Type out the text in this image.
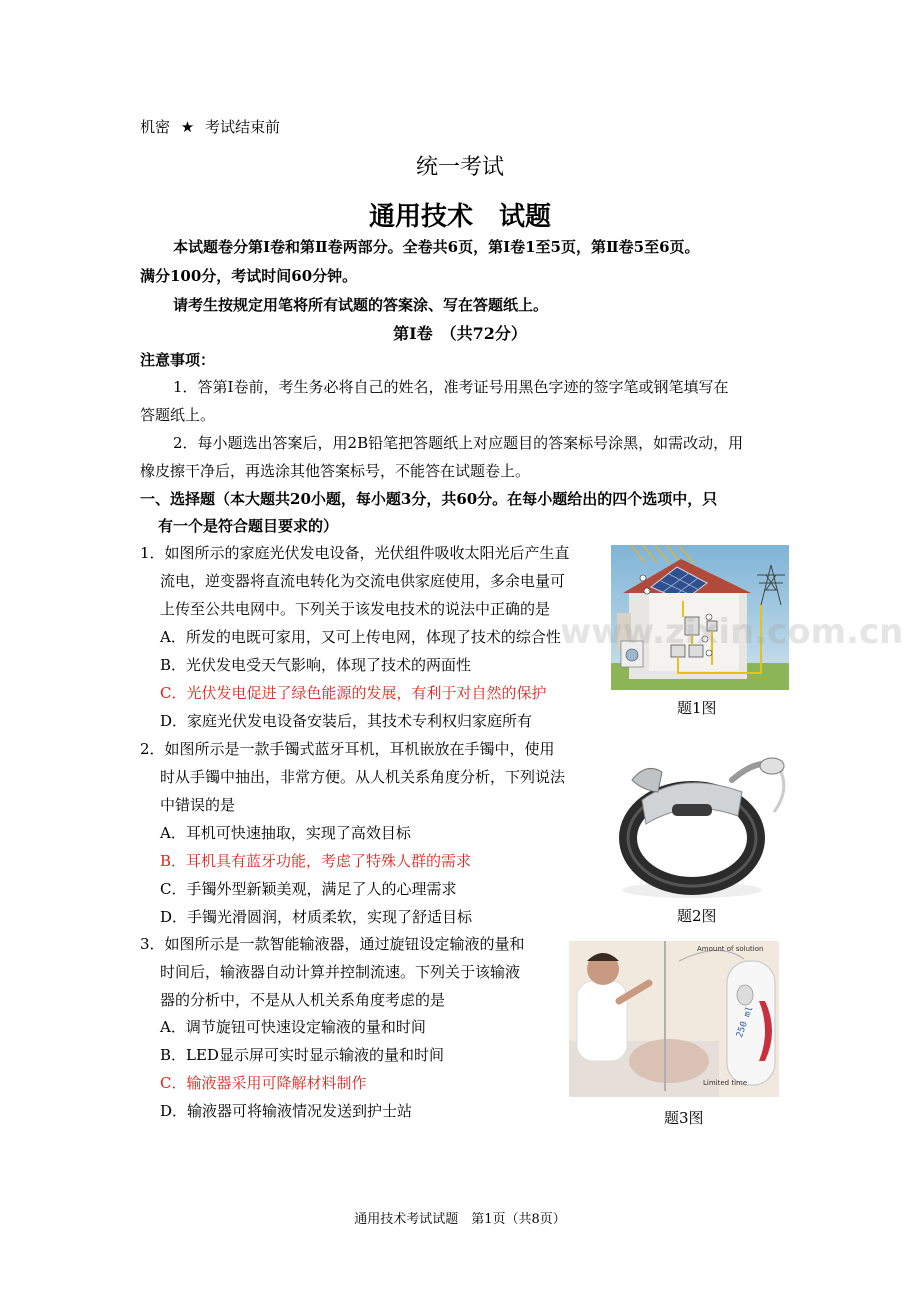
机密 ★ 考试结束前
统一考试
通用技术　试题
本试题卷分第Ⅰ卷和第Ⅱ卷两部分。全卷共6页，第Ⅰ卷1至5页，第Ⅱ卷5至6页。
满分100分，考试时间60分钟。
请考生按规定用笔将所有试题的答案涂、写在答题纸上。
第Ⅰ卷　（共72分）
注意事项：
1．答第Ⅰ卷前，考生务必将自己的姓名，准考证号用黑色字迹的签字笔或钢笔填写在
答题纸上。
2．每小题选出答案后，用2B铅笔把答题纸上对应题目的答案标号涂黑，如需改动，用
橡皮擦干净后，再选涂其他答案标号，不能答在试题卷上。
一、选择题（本大题共20小题，每小题3分，共60分。在每小题给出的四个选项中，只
有一个是符合题目要求的）
1．如图所示的家庭光伏发电设备，光伏组件吸收太阳光后产生直
流电，逆变器将直流电转化为交流电供家庭使用，多余电量可
上传至公共电网中。下列关于该发电技术的说法中正确的是
A．所发的电既可家用，又可上传电网，体现了技术的综合性
B．光伏发电受天气影响，体现了技术的两面性
C．光伏发电促进了绿色能源的发展，有利于对自然的保护
D．家庭光伏发电设备安装后，其技术专利权归家庭所有
题1图
2．如图所示是一款手镯式蓝牙耳机，耳机嵌放在手镯中，使用
时从手镯中抽出，非常方便。从人机关系角度分析，下列说法
中错误的是
A．耳机可快速抽取，实现了高效目标
B．耳机具有蓝牙功能，考虑了特殊人群的需求
C．手镯外型新颖美观，满足了人的心理需求
D．手镯光滑圆润，材质柔软，实现了舒适目标	题2图
3．如图所示是一款智能输液器，通过旋钮设定输液的量和
时间后，输液器自动计算并控制流速。下列关于该输液
器的分析中，不是从人机关系角度考虑的是
A．调节旋钮可快速设定输液的量和时间
B．LED显示屏可实时显示输液的量和时间
C．输液器采用可降解材料制作
D．输液器可将输液情况发送到护士站
Amount of solution
250 ml
Limited time
题3图
www.zixin.com.cn
通用技术考试试题　第1页（共8页）
